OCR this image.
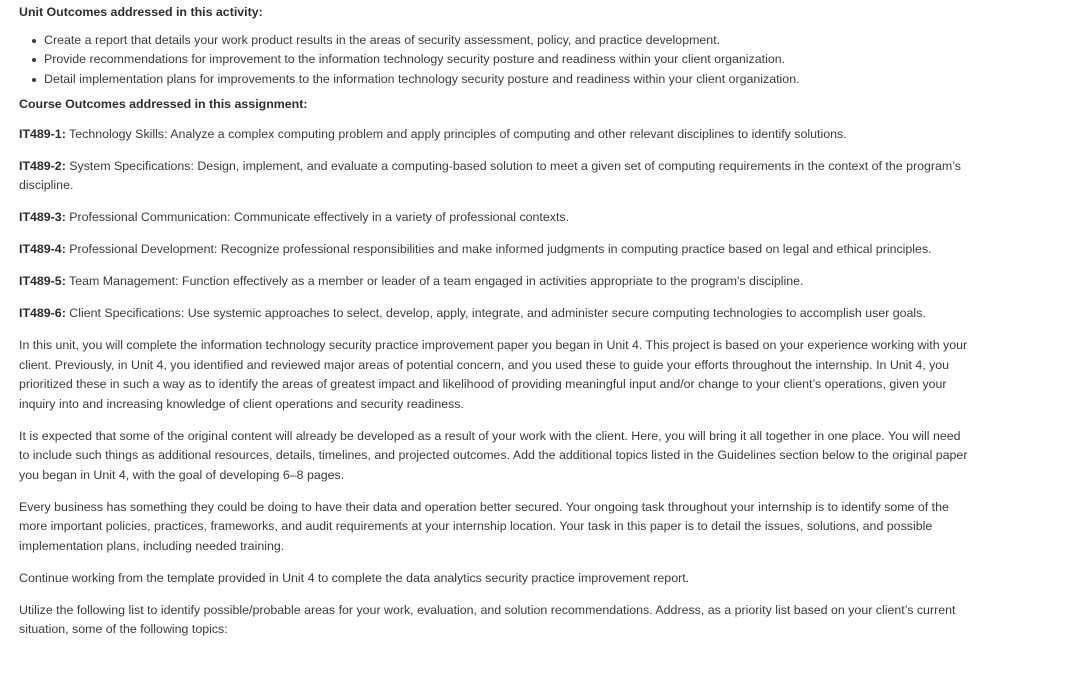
Unit Outcomes addressed in this activity:

Create a report that details your work product results in the areas of security assessment, policy, and practice development.
Provide recommendations for improvement to the information technology security posture and readiness within your client organization.
Detail implementation plans for improvements to the information technology security posture and readiness within your client organization.

Course Outcomes addressed in this assignment:

IT489-1: Technology Skills: Analyze a complex computing problem and apply principles of computing and other relevant disciplines to identify solutions.

IT489-2: System Specifications: Design, implement, and evaluate a computing-based solution to meet a given set of computing requirements in the context of the program’s discipline.

IT489-3: Professional Communication: Communicate effectively in a variety of professional contexts.

IT489-4: Professional Development: Recognize professional responsibilities and make informed judgments in computing practice based on legal and ethical principles.

IT489-5: Team Management: Function effectively as a member or leader of a team engaged in activities appropriate to the program’s discipline.

IT489-6: Client Specifications: Use systemic approaches to select, develop, apply, integrate, and administer secure computing technologies to accomplish user goals.

In this unit, you will complete the information technology security practice improvement paper you began in Unit 4. This project is based on your experience working with your client. Previously, in Unit 4, you identified and reviewed major areas of potential concern, and you used these to guide your efforts throughout the internship. In Unit 4, you prioritized these in such a way as to identify the areas of greatest impact and likelihood of providing meaningful input and/or change to your client’s operations, given your inquiry into and increasing knowledge of client operations and security readiness.

It is expected that some of the original content will already be developed as a result of your work with the client. Here, you will bring it all together in one place. You will need to include such things as additional resources, details, timelines, and projected outcomes. Add the additional topics listed in the Guidelines section below to the original paper you began in Unit 4, with the goal of developing 6–8 pages.

Every business has something they could be doing to have their data and operation better secured. Your ongoing task throughout your internship is to identify some of the more important policies, practices, frameworks, and audit requirements at your internship location. Your task in this paper is to detail the issues, solutions, and possible implementation plans, including needed training.

Continue working from the template provided in Unit 4 to complete the data analytics security practice improvement report.

Utilize the following list to identify possible/probable areas for your work, evaluation, and solution recommendations. Address, as a priority list based on your client’s current situation, some of the following topics:
